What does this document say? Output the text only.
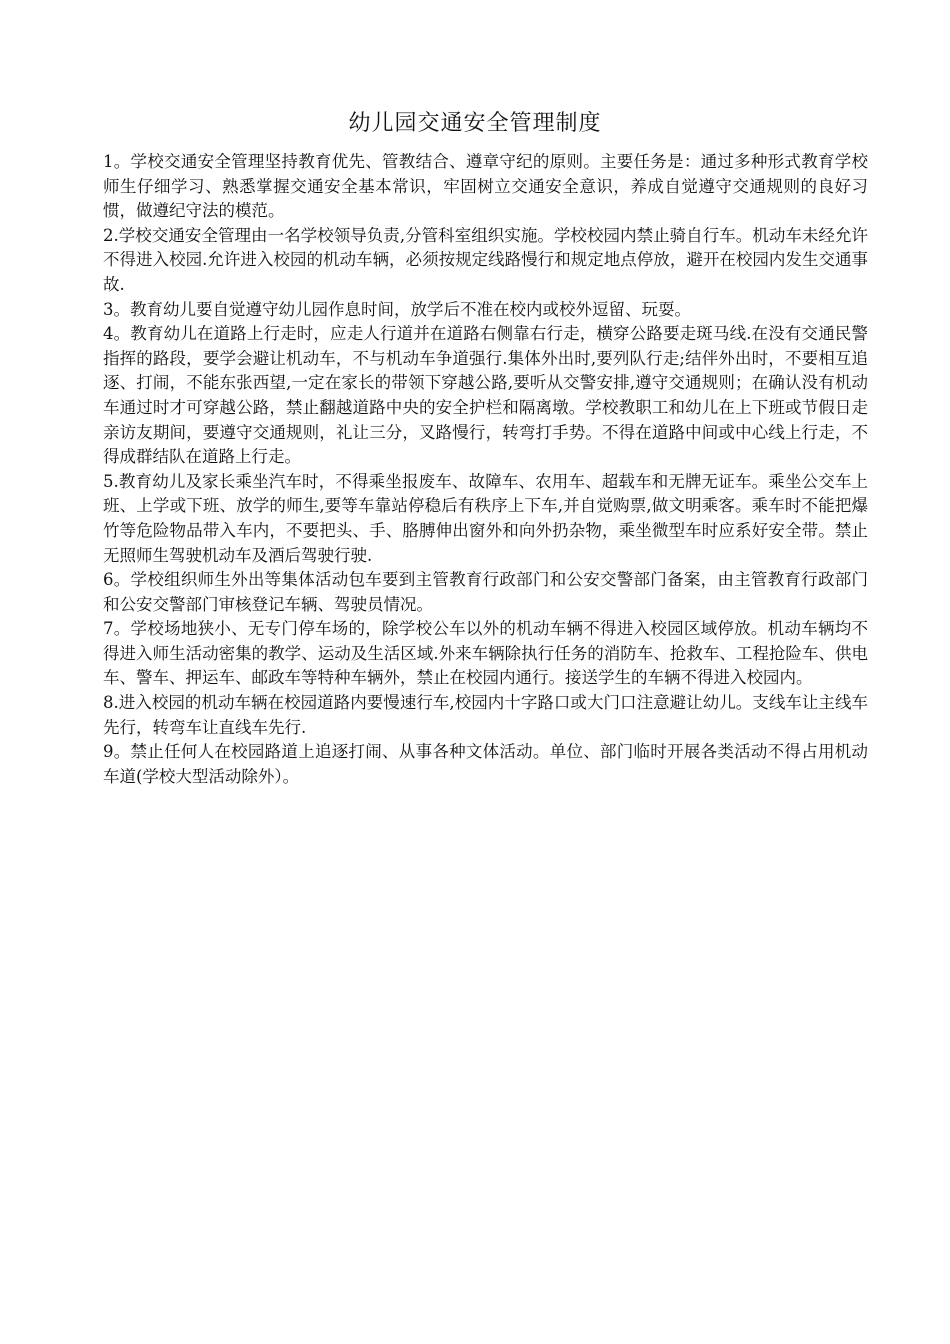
幼儿园交通安全管理制度

1。学校交通安全管理坚持教育优先、管教结合、遵章守纪的原则。主要任务是：通过多种形式教育学校师生仔细学习、熟悉掌握交通安全基本常识，牢固树立交通安全意识，养成自觉遵守交通规则的良好习惯，做遵纪守法的模范。

2.学校交通安全管理由一名学校领导负责,分管科室组织实施。学校校园内禁止骑自行车。机动车未经允许不得进入校园.允许进入校园的机动车辆，必须按规定线路慢行和规定地点停放，避开在校园内发生交通事故.

3。教育幼儿要自觉遵守幼儿园作息时间，放学后不准在校内或校外逗留、玩耍。

4。教育幼儿在道路上行走时，应走人行道并在道路右侧靠右行走，横穿公路要走斑马线.在没有交通民警指挥的路段，要学会避让机动车，不与机动车争道强行.集体外出时,要列队行走;结伴外出时，不要相互追逐、打闹，不能东张西望,一定在家长的带领下穿越公路,要听从交警安排,遵守交通规则；在确认没有机动车通过时才可穿越公路，禁止翻越道路中央的安全护栏和隔离墩。学校教职工和幼儿在上下班或节假日走亲访友期间，要遵守交通规则，礼让三分，叉路慢行，转弯打手势。不得在道路中间或中心线上行走，不得成群结队在道路上行走。

5.教育幼儿及家长乘坐汽车时，不得乘坐报废车、故障车、农用车、超载车和无牌无证车。乘坐公交车上班、上学或下班、放学的师生,要等车靠站停稳后有秩序上下车,并自觉购票,做文明乘客。乘车时不能把爆竹等危险物品带入车内，不要把头、手、胳膊伸出窗外和向外扔杂物，乘坐微型车时应系好安全带。禁止无照师生驾驶机动车及酒后驾驶行驶.

6。学校组织师生外出等集体活动包车要到主管教育行政部门和公安交警部门备案，由主管教育行政部门和公安交警部门审核登记车辆、驾驶员情况。

7。学校场地狭小、无专门停车场的，除学校公车以外的机动车辆不得进入校园区域停放。机动车辆均不得进入师生活动密集的教学、运动及生活区域.外来车辆除执行任务的消防车、抢救车、工程抢险车、供电车、警车、押运车、邮政车等特种车辆外，禁止在校园内通行。接送学生的车辆不得进入校园内。

8.进入校园的机动车辆在校园道路内要慢速行车,校园内十字路口或大门口注意避让幼儿。支线车让主线车先行，转弯车让直线车先行.

9。禁止任何人在校园路道上追逐打闹、从事各种文体活动。单位、部门临时开展各类活动不得占用机动车道(学校大型活动除外）。
